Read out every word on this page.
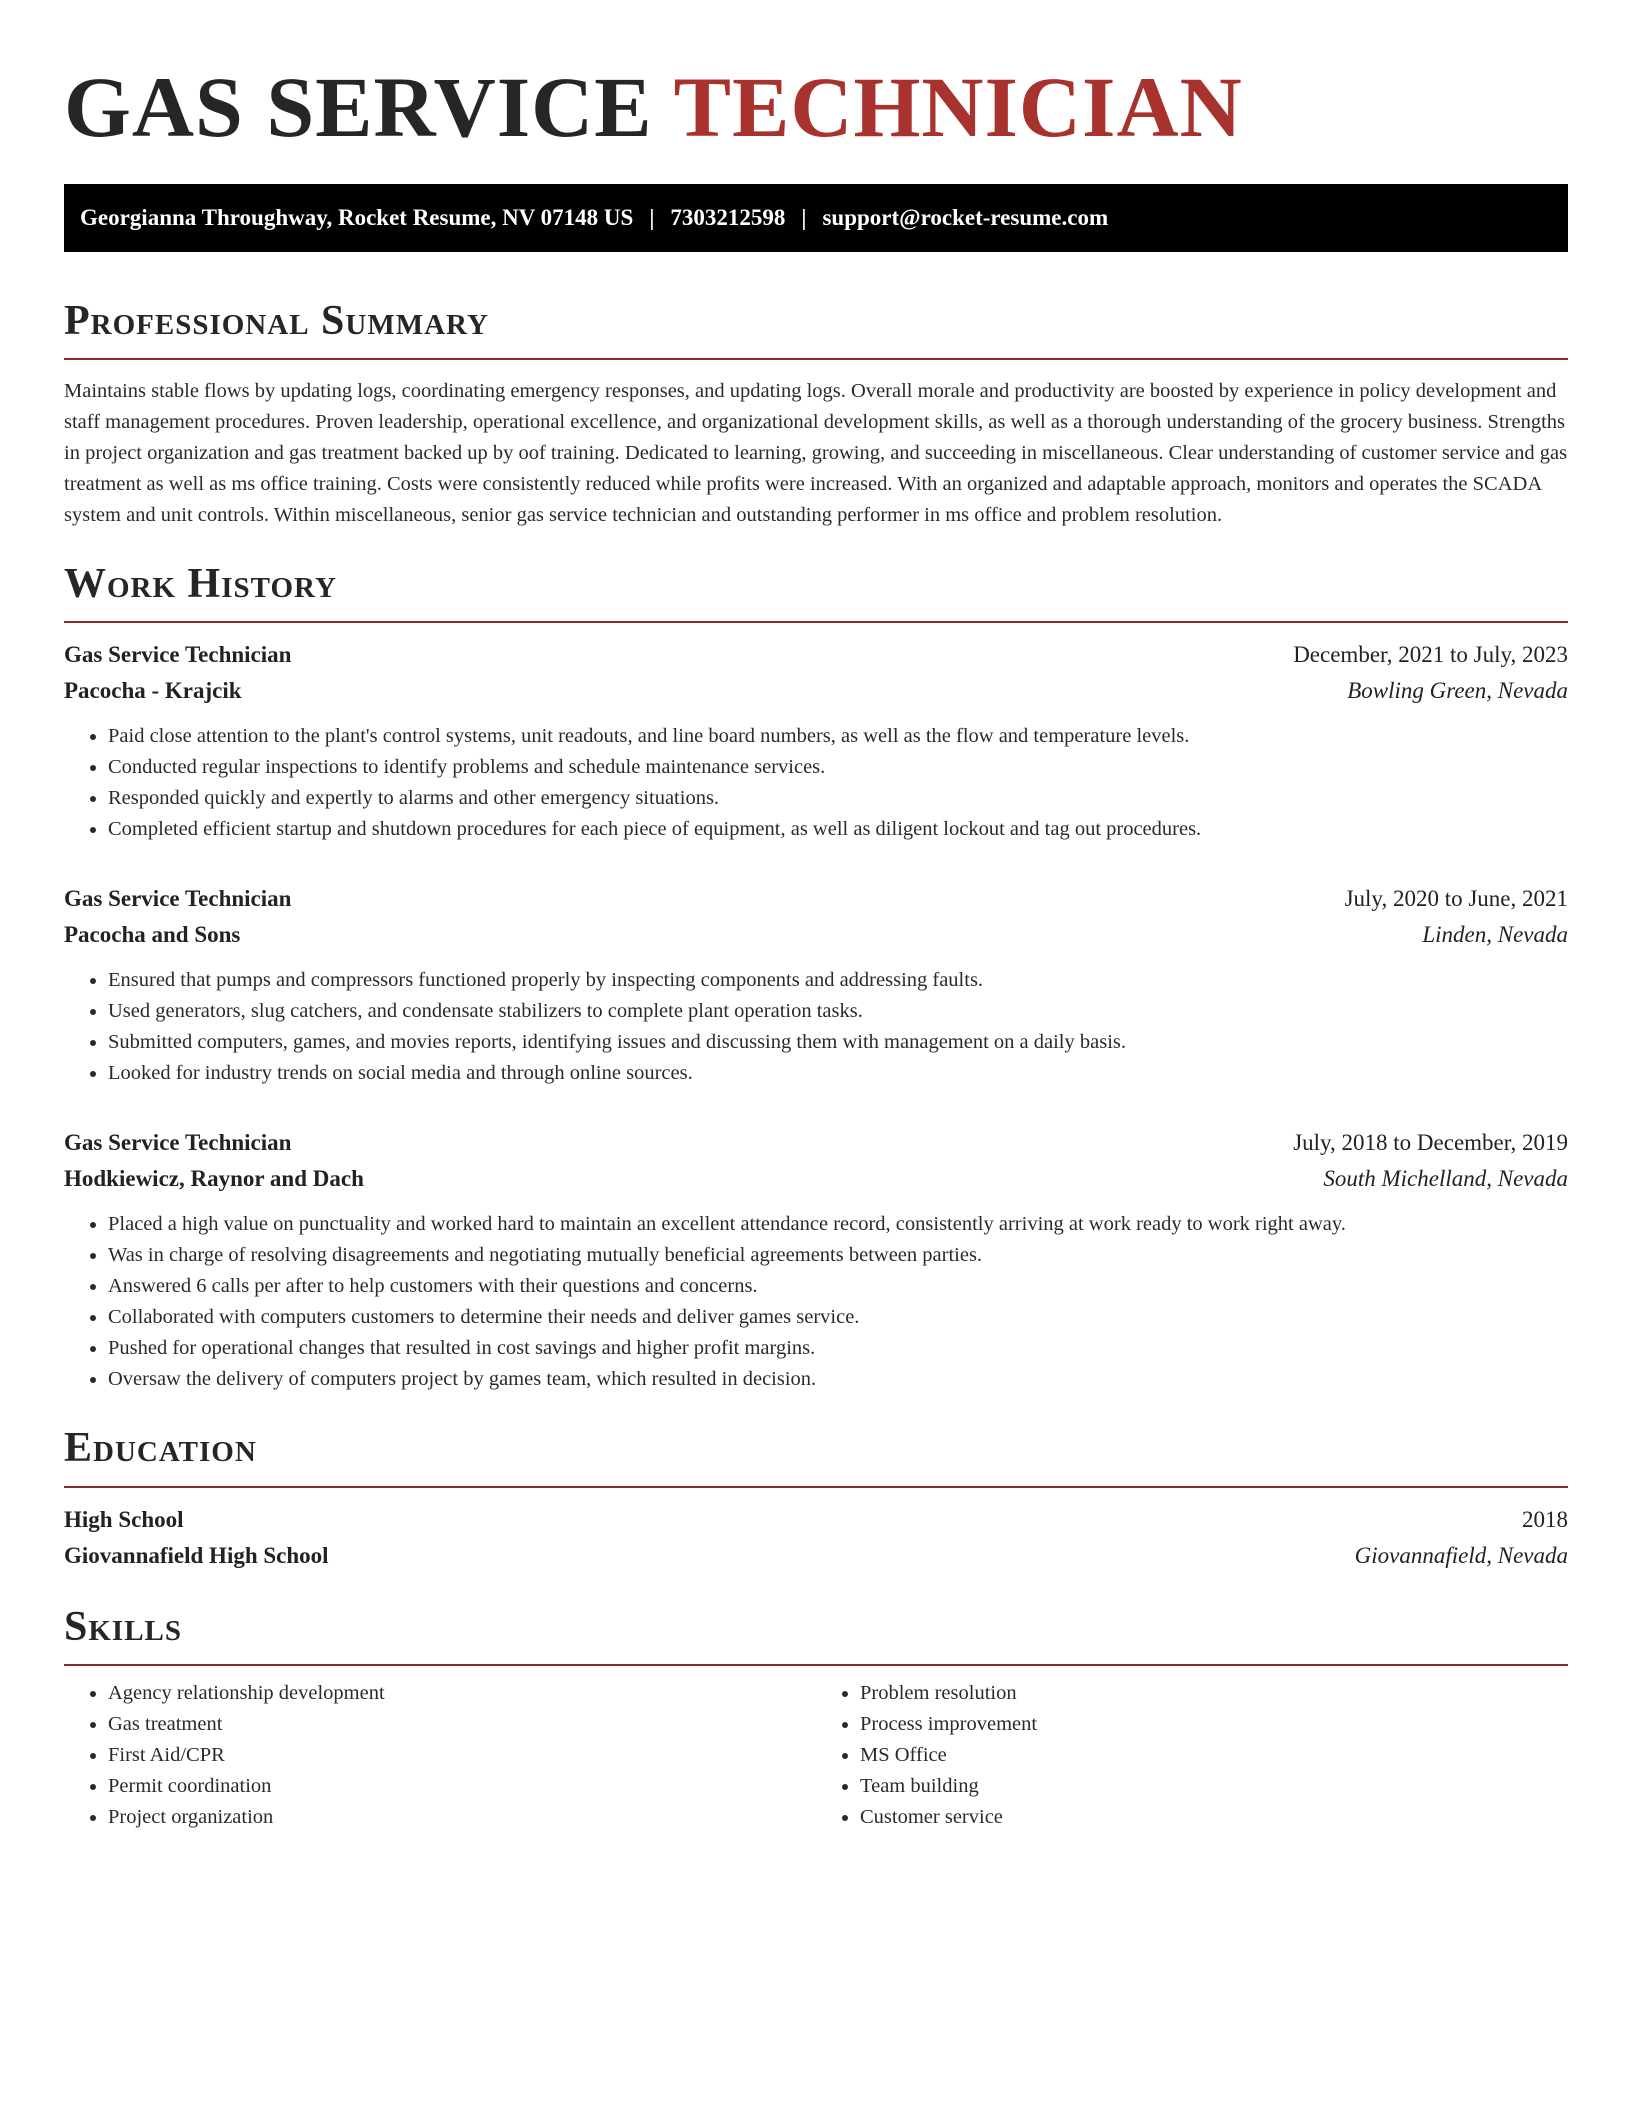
GAS SERVICE TECHNICIAN
Georgianna Throughway, Rocket Resume, NV 07148 US | 7303212598 | support@rocket-resume.com
Professional Summary

Maintains stable flows by updating logs, coordinating emergency responses, and updating logs. Overall morale and productivity are boosted by experience in policy development and staff management procedures. Proven leadership, operational excellence, and organizational development skills, as well as a thorough understanding of the grocery business. Strengths in project organization and gas treatment backed up by oof training. Dedicated to learning, growing, and succeeding in miscellaneous. Clear understanding of customer service and gas treatment as well as ms office training. Costs were consistently reduced while profits were increased. With an organized and adaptable approach, monitors and operates the SCADA system and unit controls. Within miscellaneous, senior gas service technician and outstanding performer in ms office and problem resolution.

Work History
Gas Service Technician	December, 2021 to July, 2023
Pacocha - Krajcik	Bowling Green, Nevada
• Paid close attention to the plant's control systems, unit readouts, and line board numbers, as well as the flow and temperature levels.
• Conducted regular inspections to identify problems and schedule maintenance services.
• Responded quickly and expertly to alarms and other emergency situations.
• Completed efficient startup and shutdown procedures for each piece of equipment, as well as diligent lockout and tag out procedures.
Gas Service Technician	July, 2020 to June, 2021
Pacocha and Sons	Linden, Nevada
• Ensured that pumps and compressors functioned properly by inspecting components and addressing faults.
• Used generators, slug catchers, and condensate stabilizers to complete plant operation tasks.
• Submitted computers, games, and movies reports, identifying issues and discussing them with management on a daily basis.
• Looked for industry trends on social media and through online sources.
Gas Service Technician	July, 2018 to December, 2019
Hodkiewicz, Raynor and Dach	South Michelland, Nevada
• Placed a high value on punctuality and worked hard to maintain an excellent attendance record, consistently arriving at work ready to work right away.
• Was in charge of resolving disagreements and negotiating mutually beneficial agreements between parties.
• Answered 6 calls per after to help customers with their questions and concerns.
• Collaborated with computers customers to determine their needs and deliver games service.
• Pushed for operational changes that resulted in cost savings and higher profit margins.
• Oversaw the delivery of computers project by games team, which resulted in decision.
Education
High School	2018
Giovannafield High School	Giovannafield, Nevada
Skills
• Agency relationship development
• Gas treatment
• First Aid/CPR
• Permit coordination
• Project organization
• Problem resolution
• Process improvement
• MS Office
• Team building
• Customer service
